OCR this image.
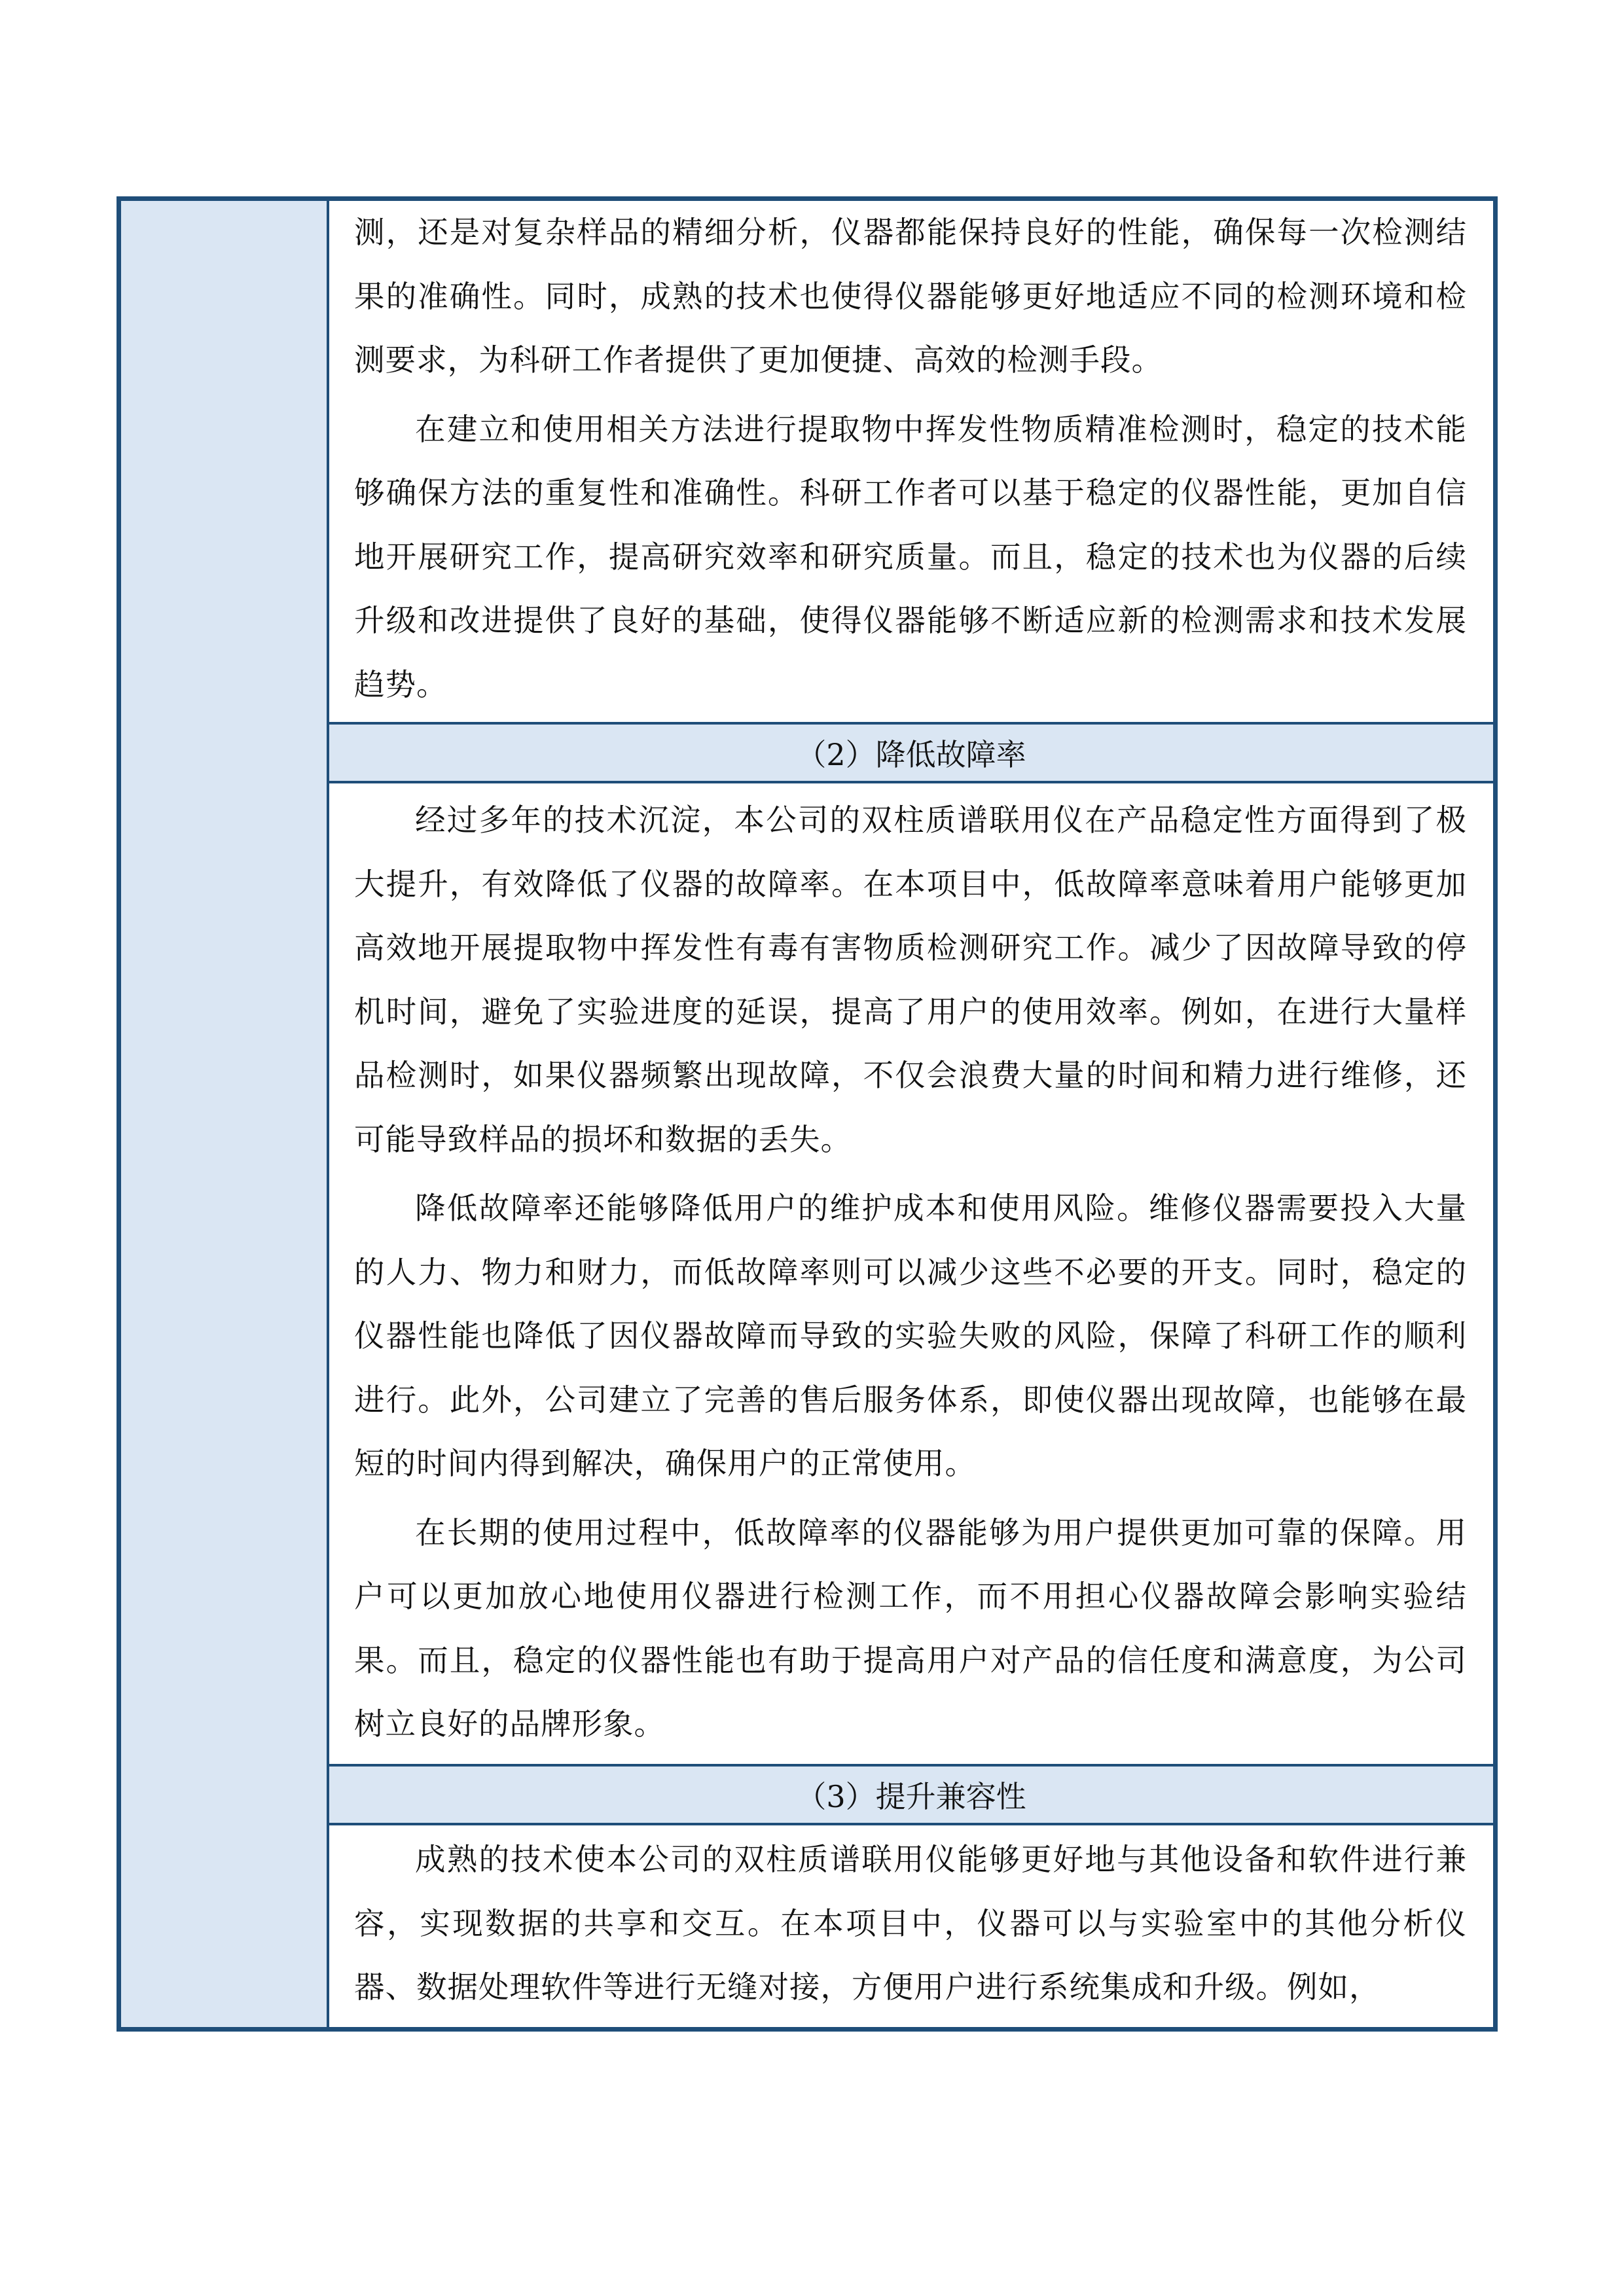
测，还是对复杂样品的精细分析，仪器都能保持良好的性能，确保每一次检测结果的准确性。同时，成熟的技术也使得仪器能够更好地适应不同的检测环境和检测要求，为科研工作者提供了更加便捷、高效的检测手段。

在建立和使用相关方法进行提取物中挥发性物质精准检测时，稳定的技术能够确保方法的重复性和准确性。科研工作者可以基于稳定的仪器性能，更加自信地开展研究工作，提高研究效率和研究质量。而且，稳定的技术也为仪器的后续升级和改进提供了良好的基础，使得仪器能够不断适应新的检测需求和技术发展趋势。

（2）降低故障率

经过多年的技术沉淀，本公司的双柱质谱联用仪在产品稳定性方面得到了极大提升，有效降低了仪器的故障率。在本项目中，低故障率意味着用户能够更加高效地开展提取物中挥发性有毒有害物质检测研究工作。减少了因故障导致的停机时间，避免了实验进度的延误，提高了用户的使用效率。例如，在进行大量样品检测时，如果仪器频繁出现故障，不仅会浪费大量的时间和精力进行维修，还可能导致样品的损坏和数据的丢失。

降低故障率还能够降低用户的维护成本和使用风险。维修仪器需要投入大量的人力、物力和财力，而低故障率则可以减少这些不必要的开支。同时，稳定的仪器性能也降低了因仪器故障而导致的实验失败的风险，保障了科研工作的顺利进行。此外，公司建立了完善的售后服务体系，即使仪器出现故障，也能够在最短的时间内得到解决，确保用户的正常使用。

在长期的使用过程中，低故障率的仪器能够为用户提供更加可靠的保障。用户可以更加放心地使用仪器进行检测工作，而不用担心仪器故障会影响实验结果。而且，稳定的仪器性能也有助于提高用户对产品的信任度和满意度，为公司树立良好的品牌形象。

（3）提升兼容性

成熟的技术使本公司的双柱质谱联用仪能够更好地与其他设备和软件进行兼容，实现数据的共享和交互。在本项目中，仪器可以与实验室中的其他分析仪器、数据处理软件等进行无缝对接，方便用户进行系统集成和升级。例如，
